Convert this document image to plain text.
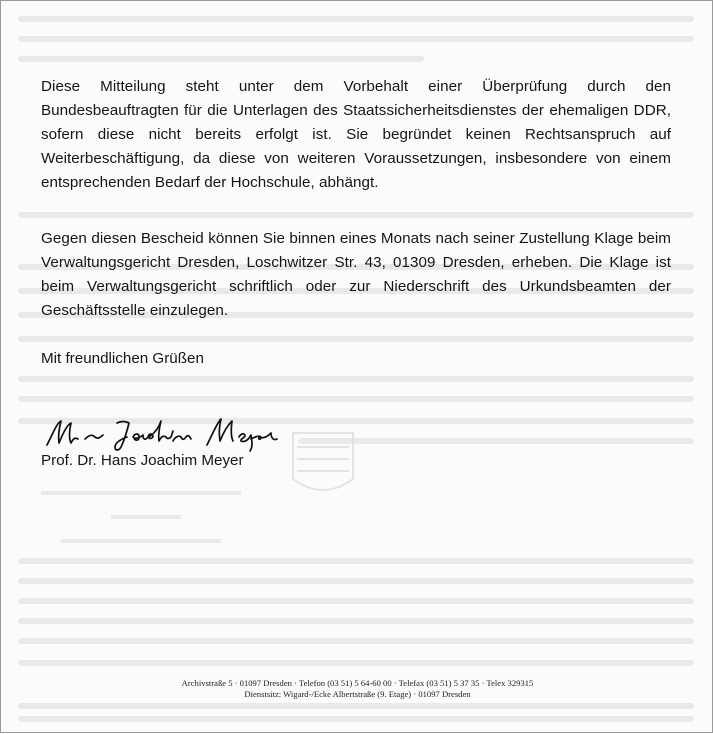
Diese Mitteilung steht unter dem Vorbehalt einer Überprüfung durch den Bundesbeauftragten für die Unterlagen des Staatssicherheitsdienstes der ehemaligen DDR, sofern diese nicht bereits erfolgt ist. Sie begründet keinen Rechtsanspruch auf Weiterbeschäftigung, da diese von weiteren Voraussetzungen, insbesondere von einem entsprechenden Bedarf der Hochschule, abhängt.
Gegen diesen Bescheid können Sie binnen eines Monats nach seiner Zustellung Klage beim Verwaltungsgericht Dresden, Loschwitzer Str. 43, 01309 Dresden, erheben. Die Klage ist beim Verwaltungsgericht schriftlich oder zur Niederschrift des Urkundsbeamten der Geschäftsstelle einzulegen.
Mit freundlichen Grüßen
Prof. Dr. Hans Joachim Meyer
Archivstraße 5 · 01097 Dresden · Telefon (03 51) 5 64-60 00 · Telefax (03 51) 5 37 35 · Telex 329315
Dienstsitz: Wigard-/Ecke Albertstraße (9. Etage) · 01097 Dresden
